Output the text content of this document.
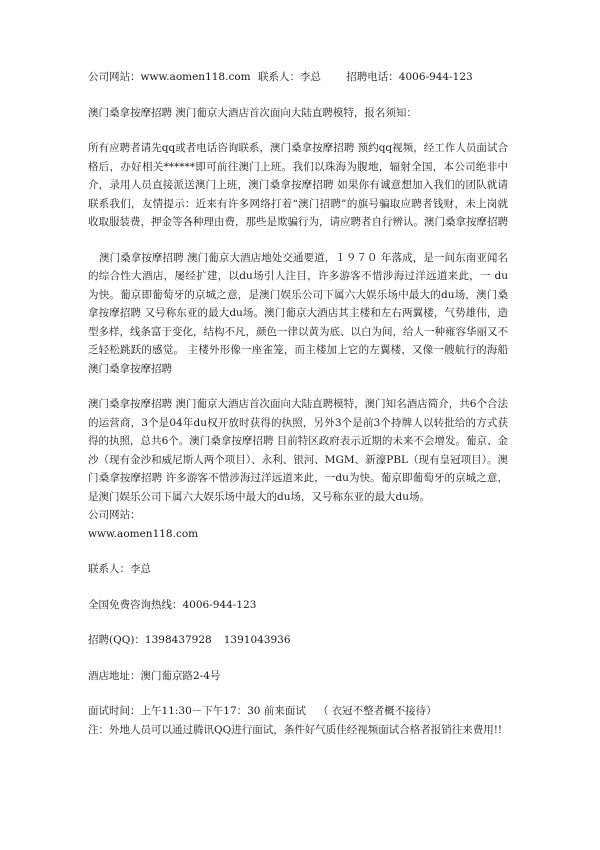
公司网站：www.aomen118.com 联系人：李总 招聘电话：4006-944-123

澳门桑拿按摩招聘 澳门葡京大酒店首次面向大陆直聘模特，报名须知：

所有应聘者请先qq或者电话咨询联系，澳门桑拿按摩招聘 预约qq视频，经工作人员面试合格后，办好相关******即可前往澳门上班。我们以珠海为腹地，辐射全国，本公司绝非中介，录用人员直接派送澳门上班，澳门桑拿按摩招聘 如果你有诚意想加入我们的团队就请联系我们，友情提示：近来有许多网络打着“澳门招聘”的旗号骗取应聘者钱财，未上岗就收取服装费，押金等各种理由费，那些是欺骗行为，请应聘者自行辨认。澳门桑拿按摩招聘

澳门桑拿按摩招聘 澳门葡京大酒店地处交通要道，１９７０ 年落成，是一间东南亚闻名的综合性大酒店，屡经扩建，以du场引人注目，许多游客不惜涉海过洋远道来此，一 du 为快。葡京即葡萄牙的京城之意，是澳门娱乐公司下属六大娱乐场中最大的du场，澳门桑拿按摩招聘 又号称东亚的最大du场。澳门葡京大酒店其主楼和左右两翼楼，气势雄伟，造型多样，线条富于变化，结构不凡，颜色一律以黄为底、以白为间，给人一种雍容华丽又不乏轻松跳跃的感觉。 主楼外形像一座雀笼，而主楼加上它的左翼楼，又像一艘航行的海船澳门桑拿按摩招聘

澳门桑拿按摩招聘 澳门葡京大酒店首次面向大陆直聘模特，澳门知名酒店简介，共6个合法的运营商，3个是04年du权开放时获得的执照，另外3个是前3个持牌人以转批给的方式获得的执照，总共6个。澳门桑拿按摩招聘 目前特区政府表示近期的未来不会增发。葡京、金沙（现有金沙和威尼斯人两个项目）、永利、银河、MGM、新濠PBL（现有皇冠项目）。澳门桑拿按摩招聘 许多游客不惜涉海过洋远道来此，一du为快。葡京即葡萄牙的京城之意，是澳门娱乐公司下属六大娱乐场中最大的du场，又号称东亚的最大du场。

公司网站：

www.aomen118.com

联系人：李总

全国免费咨询热线：4006-944-123

招聘(QQ)：1398437928 1391043936

酒店地址：澳门葡京路2-4号

面试时间：上午11:30－下午17：30 前来面试 （ 衣冠不整者概不接待）

注：外地人员可以通过腾讯QQ进行面试，条件好气质佳经视频面试合格者报销往来费用!!
